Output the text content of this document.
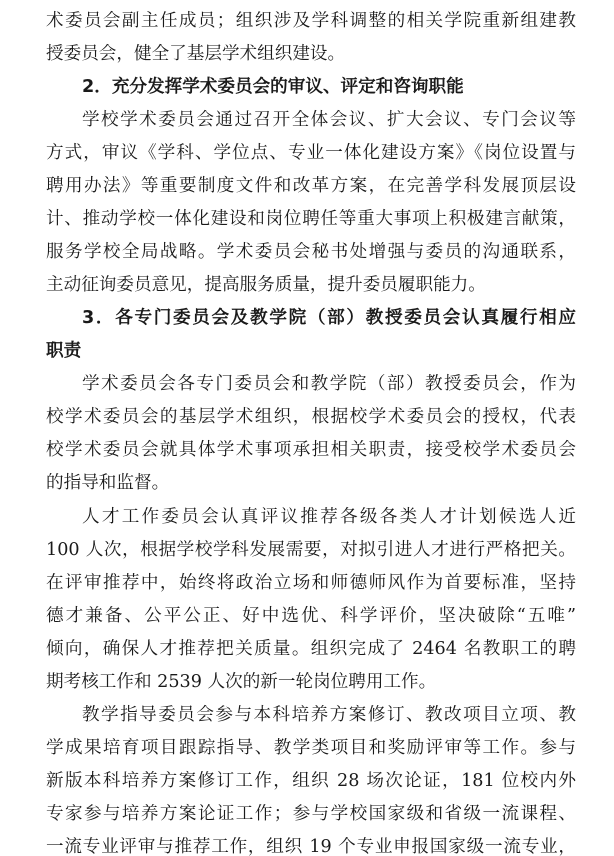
术委员会副主任成员；组织涉及学科调整的相关学院重新组建教
授委员会，健全了基层学术组织建设。
2．充分发挥学术委员会的审议、评定和咨询职能
学校学术委员会通过召开全体会议、扩大会议、专门会议等
方式，审议《学科、学位点、专业一体化建设方案》《岗位设置与
聘用办法》等重要制度文件和改革方案，在完善学科发展顶层设
计、推动学校一体化建设和岗位聘任等重大事项上积极建言献策，
服务学校全局战略。学术委员会秘书处增强与委员的沟通联系，
主动征询委员意见，提高服务质量，提升委员履职能力。
3．各专门委员会及教学院（部）教授委员会认真履行相应
职责
学术委员会各专门委员会和教学院（部）教授委员会，作为
校学术委员会的基层学术组织，根据校学术委员会的授权，代表
校学术委员会就具体学术事项承担相关职责，接受校学术委员会
的指导和监督。
人才工作委员会认真评议推荐各级各类人才计划候选人近
100 人次，根据学校学科发展需要，对拟引进人才进行严格把关。
在评审推荐中，始终将政治立场和师德师风作为首要标准，坚持
德才兼备、公平公正、好中选优、科学评价，坚决破除“五唯”
倾向，确保人才推荐把关质量。组织完成了 2464 名教职工的聘
期考核工作和 2539 人次的新一轮岗位聘用工作。
教学指导委员会参与本科培养方案修订、教改项目立项、教
学成果培育项目跟踪指导、教学类项目和奖励评审等工作。参与
新版本科培养方案修订工作，组织 28 场次论证，181 位校内外
专家参与培养方案论证工作；参与学校国家级和省级一流课程、
一流专业评审与推荐工作，组织 19 个专业申报国家级一流专业，
